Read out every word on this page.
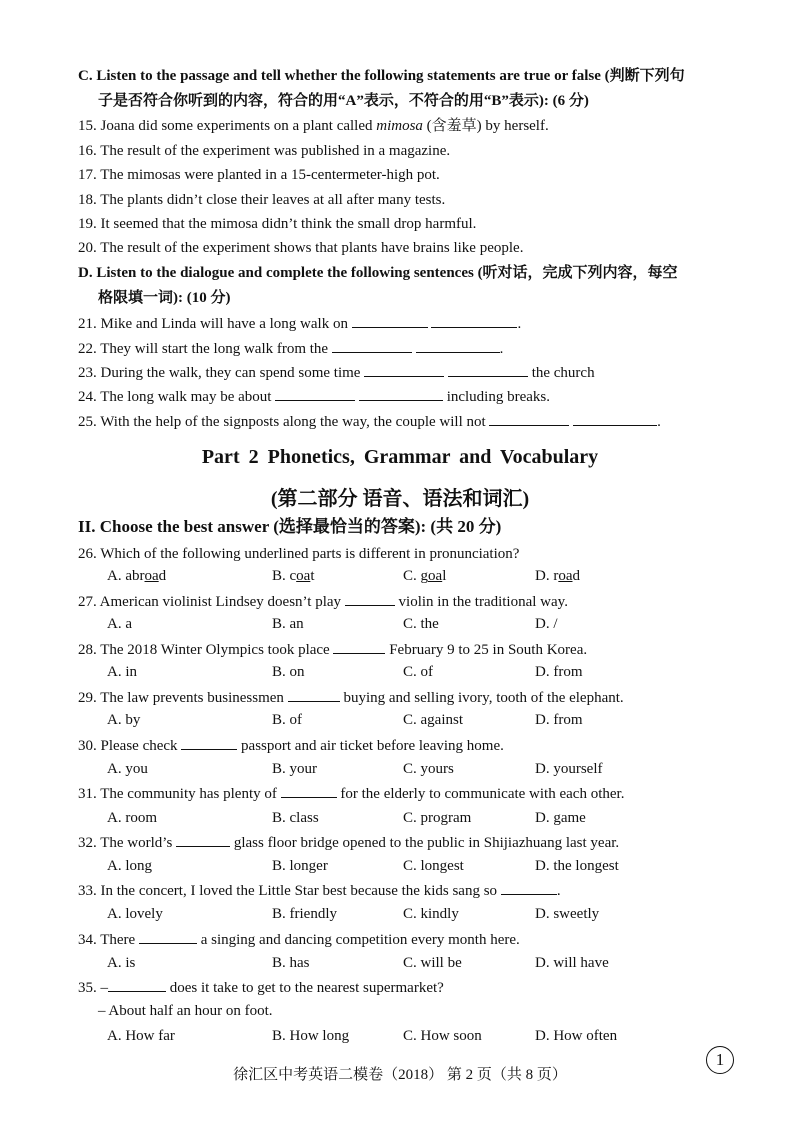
C. Listen to the passage and tell whether the following statements are true or false (判断下列句
子是否符合你听到的内容，符合的用“A”表示，不符合的用“B”表示): (6 分)
15. Joana did some experiments on a plant called mimosa (含羞草) by herself.
16. The result of the experiment was published in a magazine.
17. The mimosas were planted in a 15-centermeter-high pot.
18. The plants didn’t close their leaves at all after many tests.
19. It seemed that the mimosa didn’t think the small drop harmful.
20. The result of the experiment shows that plants have brains like people.
D. Listen to the dialogue and complete the following sentences (听对话，完成下列内容，每空
格限填一词): (10 分)
21. Mike and Linda will have a long walk on	.
22. They will start the long walk from the	.
23. During the walk, they can spend some time	the church
24. The long walk may be about	including breaks.
25. With the help of the signposts along the way, the couple will not	.
Part 2 Phonetics, Grammar and Vocabulary
(第二部分 语音、语法和词汇)
II. Choose the best answer (选择最恰当的答案): (共 20 分)
26. Which of the following underlined parts is different in pronunciation?
A. abroad	B. coat	C. goal	D. road
27. American violinist Lindsey doesn’t play	violin in the traditional way.
A. a	B. an	C. the	D. /
28. The 2018 Winter Olympics took place	February 9 to 25 in South Korea.
A. in	B. on	C. of	D. from
29. The law prevents businessmen	buying and selling ivory, tooth of the elephant.
A. by	B. of	C. against	D. from
30. Please check	passport and air ticket before leaving home.
A. you	B. your	C. yours	D. yourself
31. The community has plenty of	for the elderly to communicate with each other.
A. room	B. class	C. program	D. game
32. The world’s	glass floor bridge opened to the public in Shijiazhuang last year.
A. long	B. longer	C. longest	D. the longest
33. In the concert, I loved the Little Star best because the kids sang so	.
A. lovely	B. friendly	C. kindly	D. sweetly
34. There	a singing and dancing competition every month here.
A. is	B. has	C. will be	D. will have
35. –	does it take to get to the nearest supermarket?
– About half an hour on foot.
A. How far	B. How long	C. How soon	D. How often
1
徐汇区中考英语二模卷（2018） 第 2 页（共 8 页）
